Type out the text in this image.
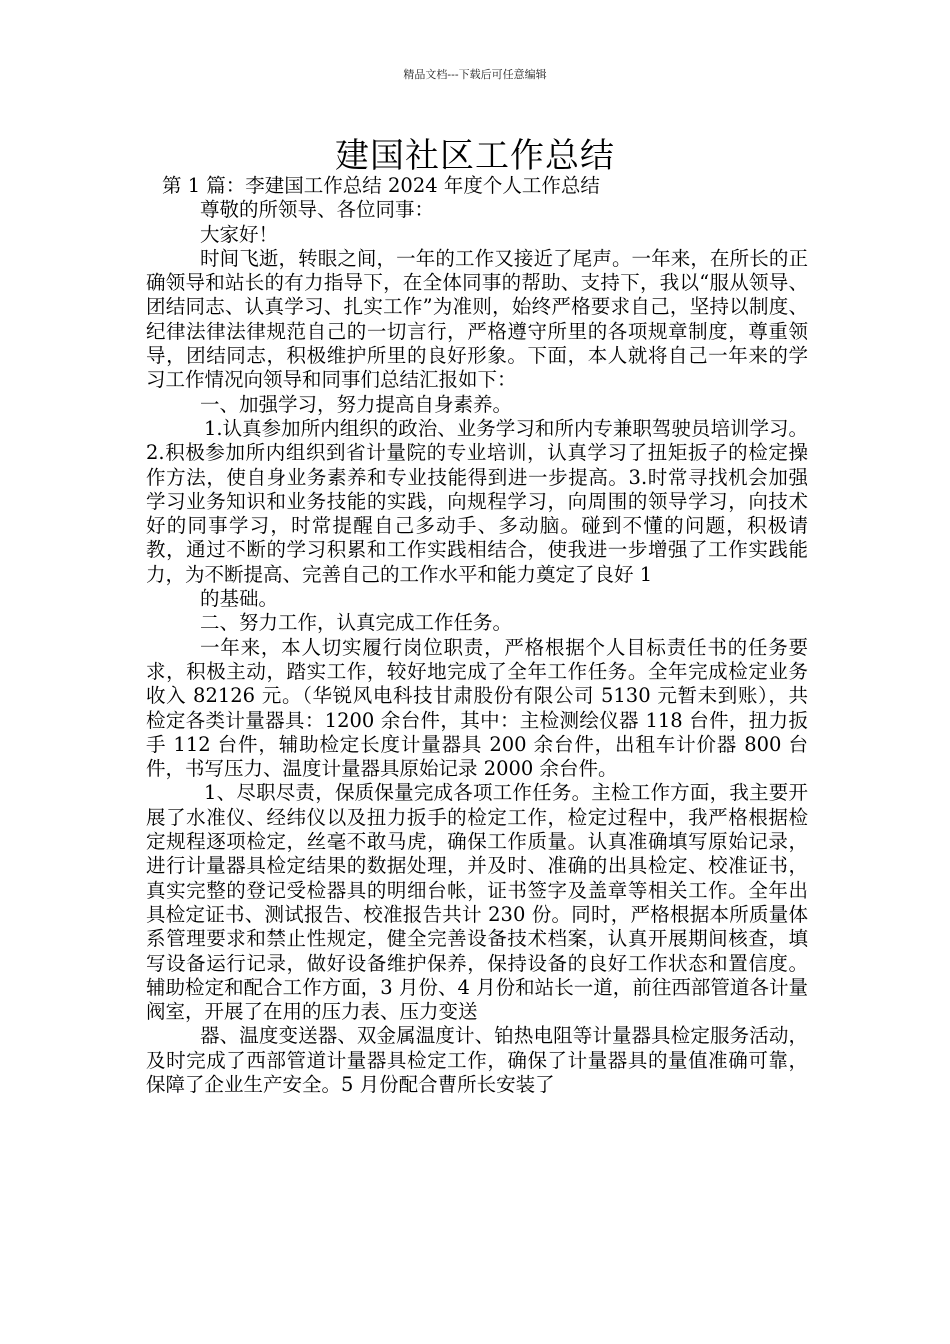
精品文档---下载后可任意编辑
建国社区工作总结

第 1 篇：李建国工作总结 2024 年度个人工作总结

尊敬的所领导、各位同事：

大家好！

时间飞逝，转眼之间，一年的工作又接近了尾声。一年来，在所长的正确领导和站长的有力指导下，在全体同事的帮助、支持下，我以“服从领导、团结同志、认真学习、扎实工作”为准则，始终严格要求自己，坚持以制度、纪律法律法律规范自己的一切言行，严格遵守所里的各项规章制度，尊重领导，团结同志，积极维护所里的良好形象。下面，本人就将自己一年来的学习工作情况向领导和同事们总结汇报如下：

一、加强学习，努力提高自身素养。

1.认真参加所内组织的政治、业务学习和所内专兼职驾驶员培训学习。2.积极参加所内组织到省计量院的专业培训，认真学习了扭矩扳子的检定操作方法，使自身业务素养和专业技能得到进一步提高。3.时常寻找机会加强学习业务知识和业务技能的实践，向规程学习，向周围的领导学习，向技术好的同事学习，时常提醒自己多动手、多动脑。碰到不懂的问题，积极请教，通过不断的学习积累和工作实践相结合，使我进一步增强了工作实践能力，为不断提高、完善自己的工作水平和能力奠定了良好 1

的基础。

二、努力工作，认真完成工作任务。

一年来，本人切实履行岗位职责，严格根据个人目标责任书的任务要求，积极主动，踏实工作，较好地完成了全年工作任务。全年完成检定业务收入 82126 元。（华锐风电科技甘肃股份有限公司 5130 元暂未到账），共检定各类计量器具：1200 余台件，其中：主检测绘仪器 118 台件，扭力扳手 112 台件，辅助检定长度计量器具 200 余台件，出租车计价器 800 台件，书写压力、温度计量器具原始记录 2000 余台件。

1、尽职尽责，保质保量完成各项工作任务。主检工作方面，我主要开展了水准仪、经纬仪以及扭力扳手的检定工作，检定过程中，我严格根据检定规程逐项检定，丝毫不敢马虎，确保工作质量。认真准确填写原始记录，进行计量器具检定结果的数据处理，并及时、准确的出具检定、校准证书，真实完整的登记受检器具的明细台帐，证书签字及盖章等相关工作。全年出具检定证书、测试报告、校准报告共计 230 份。同时，严格根据本所质量体系管理要求和禁止性规定，健全完善设备技术档案，认真开展期间核查，填写设备运行记录，做好设备维护保养，保持设备的良好工作状态和置信度。辅助检定和配合工作方面，3 月份、4 月份和站长一道，前往西部管道各计量阀室，开展了在用的压力表、压力变送

器、温度变送器、双金属温度计、铂热电阻等计量器具检定服务活动，及时完成了西部管道计量器具检定工作，确保了计量器具的量值准确可靠，保障了企业生产安全。5 月份配合曹所长安装了
